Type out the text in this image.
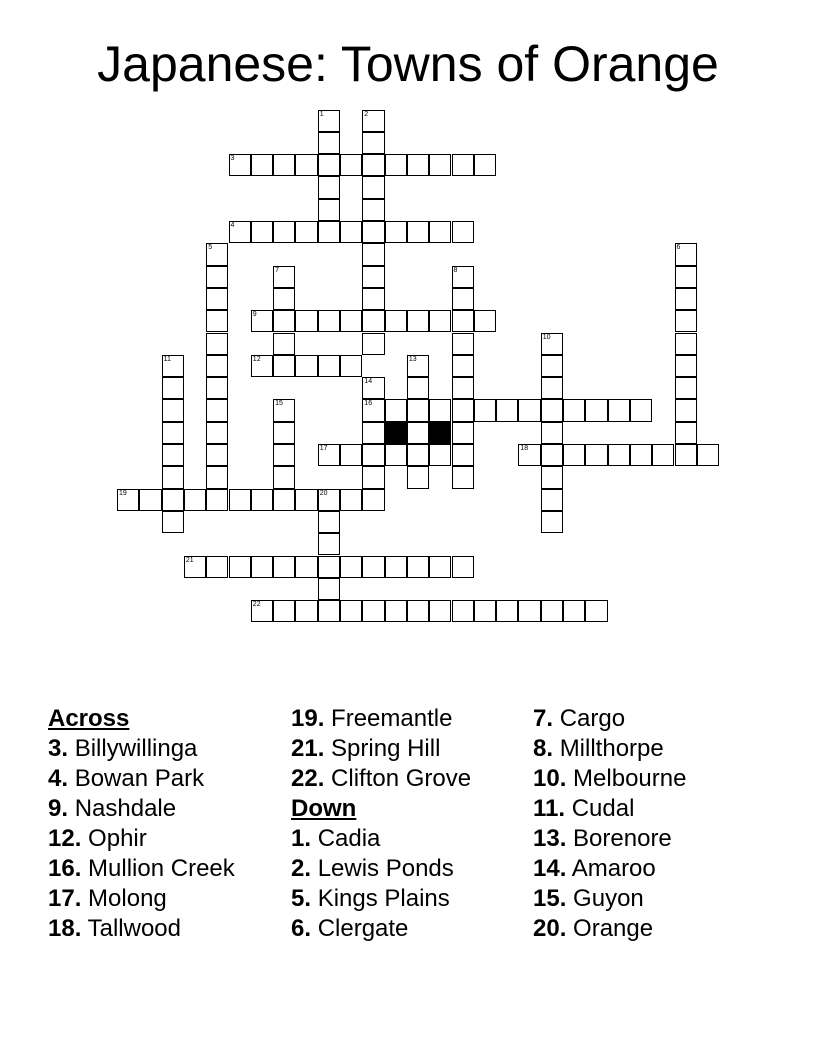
Japanese: Towns of Orange
1	2
3
4
5	6
7	8
9
10
11	12	13
14
16
15
17	18
19	20
21
22
Across
3. Billywillinga
4. Bowan Park
9. Nashdale
12. Ophir
16. Mullion Creek
17. Molong
18. Tallwood
19. Freemantle
21. Spring Hill
22. Clifton Grove
Down
1. Cadia
2. Lewis Ponds
5. Kings Plains
6. Clergate
7. Cargo
8. Millthorpe
10. Melbourne
11. Cudal
13. Borenore
14. Amaroo
15. Guyon
20. Orange
